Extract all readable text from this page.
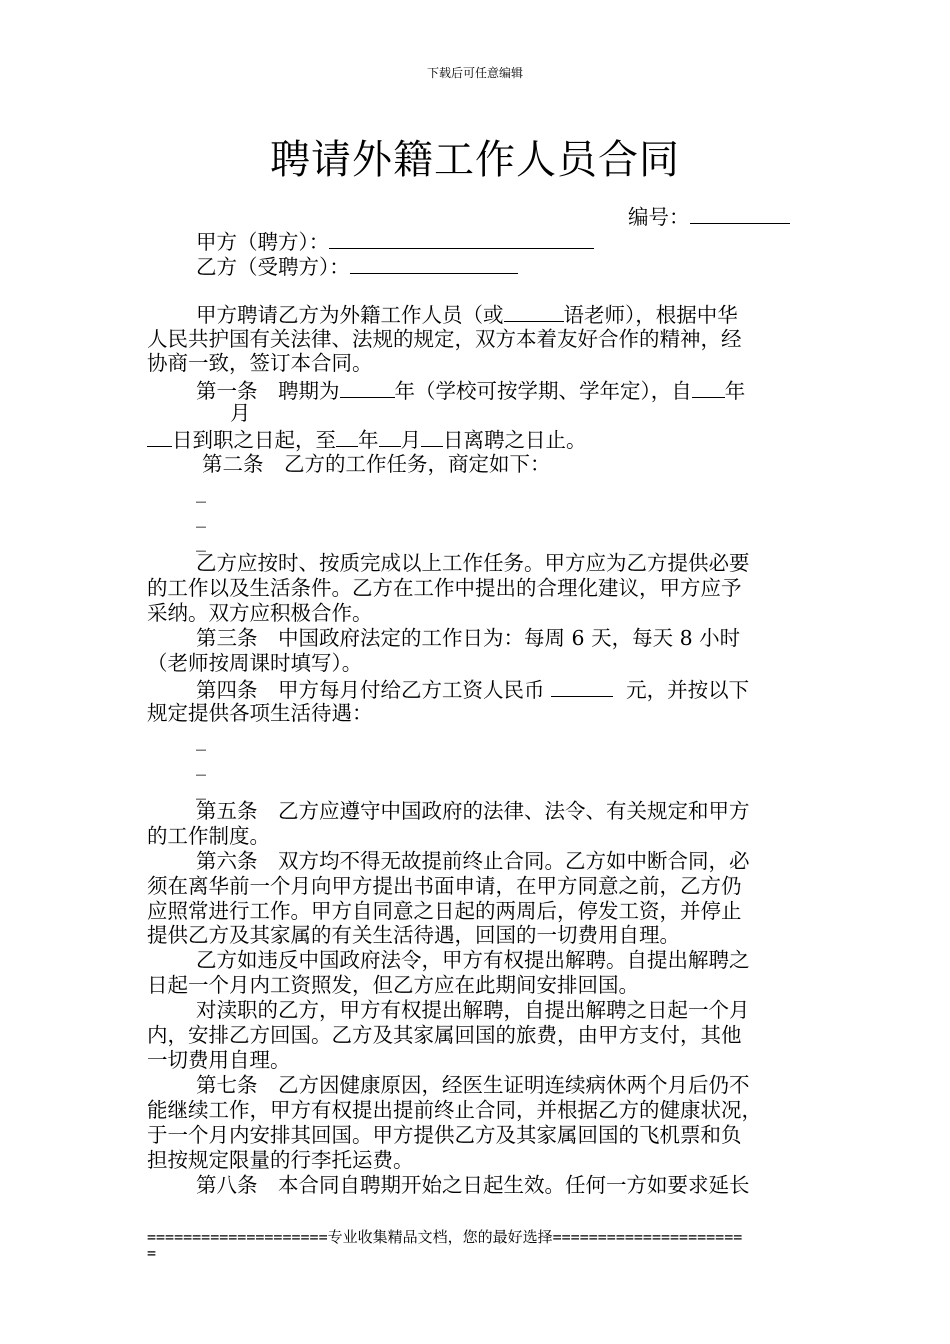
下载后可任意编辑
聘请外籍工作人员合同
编号：
甲方（聘方）：
乙方（受聘方）：
甲方聘请乙方为外籍工作人员（或	语老师），根据中华
人民共护国有关法律、法规的规定，双方本着友好合作的精神，经
协商一致，签订本合同。
第一条　聘期为	年（学校可按学期、学年定），自 年
月
日到职之日起，至 年 月 日离聘之日止。
第二条　乙方的工作任务，商定如下：
_
_
_
乙方应按时、按质完成以上工作任务。甲方应为乙方提供必要
的工作以及生活条件。乙方在工作中提出的合理化建议，甲方应予
采纳。双方应积极合作。
第三条　中国政府法定的工作日为：每周 6 天，每天 8 小时
（老师按周课时填写）。
第四条　甲方每月付给乙方工资人民币	元，并按以下
规定提供各项生活待遇：
_
_
_
第五条　乙方应遵守中国政府的法律、法令、有关规定和甲方
的工作制度。
第六条　双方均不得无故提前终止合同。乙方如中断合同，必
须在离华前一个月向甲方提出书面申请，在甲方同意之前，乙方仍
应照常进行工作。甲方自同意之日起的两周后，停发工资，并停止
提供乙方及其家属的有关生活待遇，回国的一切费用自理。
乙方如违反中国政府法令，甲方有权提出解聘。自提出解聘之
日起一个月内工资照发，但乙方应在此期间安排回国。
对渎职的乙方，甲方有权提出解聘，自提出解聘之日起一个月
内，安排乙方回国。乙方及其家属回国的旅费，由甲方支付，其他
一切费用自理。
第七条　乙方因健康原因，经医生证明连续病休两个月后仍不
能继续工作，甲方有权提出提前终止合同，并根据乙方的健康状况，
于一个月内安排其回国。甲方提供乙方及其家属回国的飞机票和负
担按规定限量的行李托运费。
第八条　本合同自聘期开始之日起生效。任何一方如要求延长
====================专业收集精品文档，您的最好选择=====================
=
